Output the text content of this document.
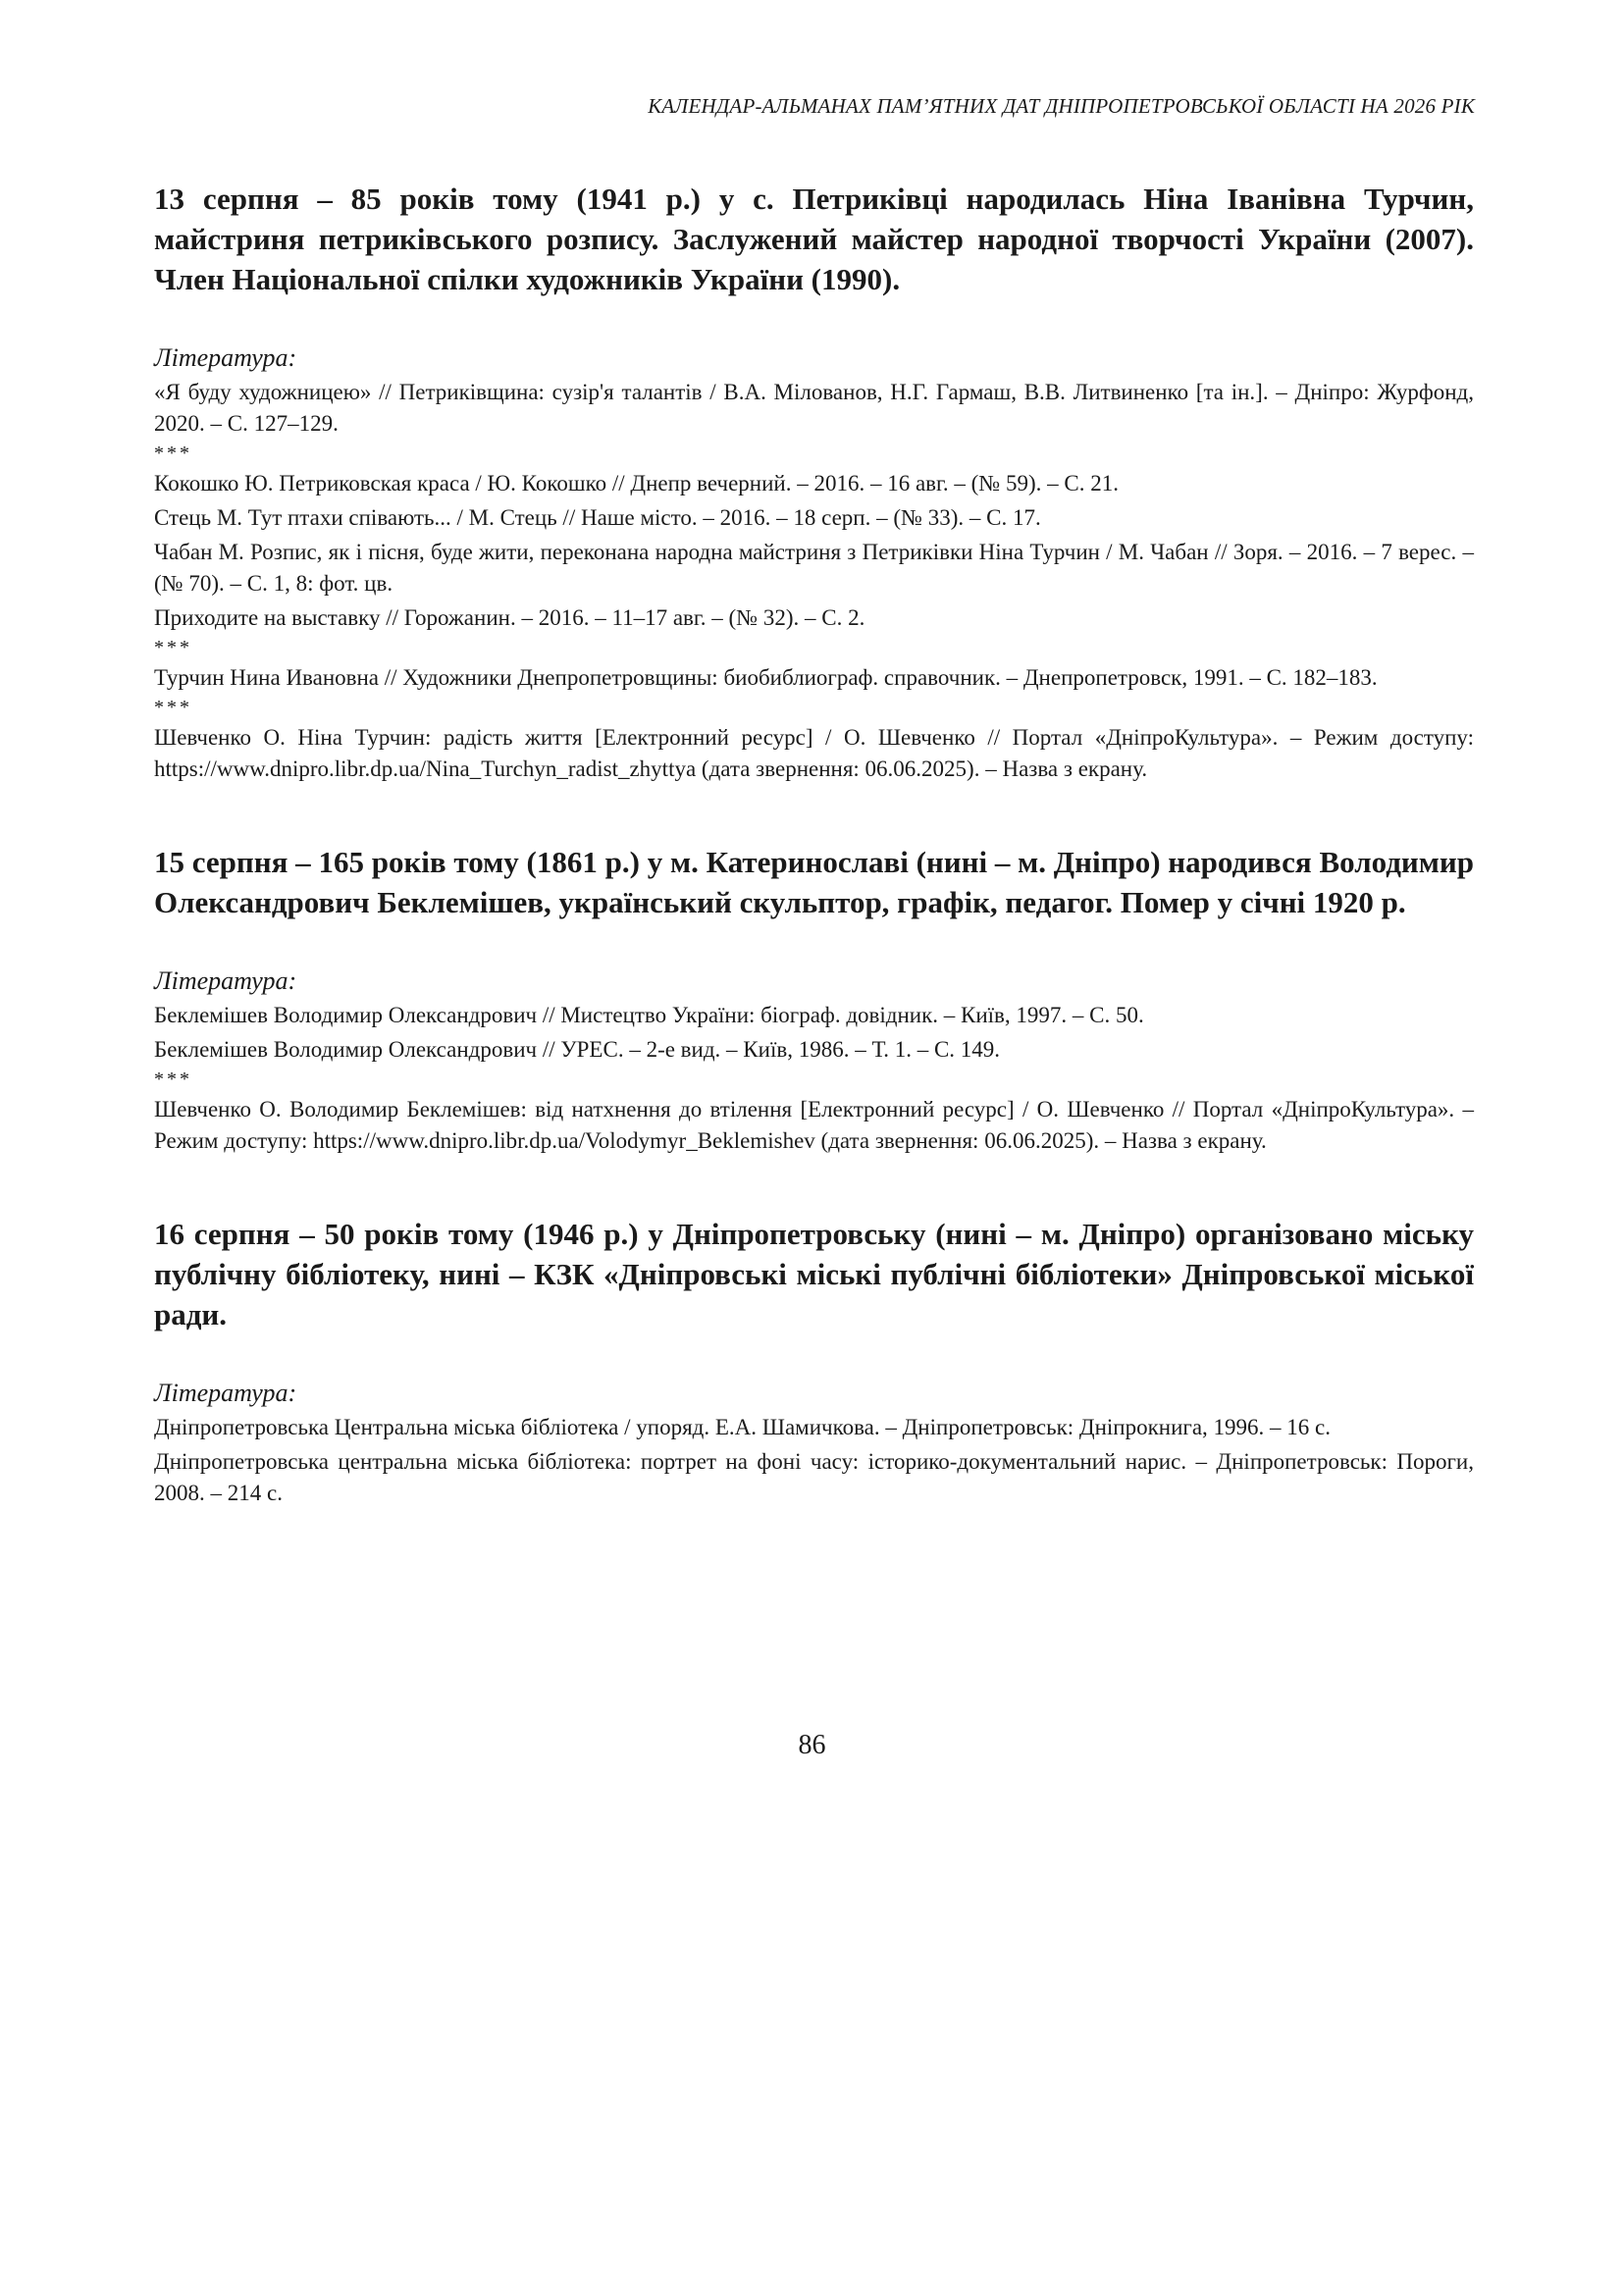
КАЛЕНДАР-АЛЬМАНАХ ПАМ’ЯТНИХ ДАТ ДНІПРОПЕТРОВСЬКОЇ ОБЛАСТІ НА 2026 РІК

13 серпня – 85 років тому (1941 р.) у с. Петриківці народилась Ніна Іванівна Турчин, майстриня петриківського розпису. Заслужений майстер народної творчості України (2007). Член Національної спілки художників України (1990).

Література:

«Я буду художницею» // Петриківщина: сузір'я талантів / В.А. Мілованов, Н.Г. Гармаш, В.В. Литвиненко [та ін.]. – Дніпро: Журфонд, 2020. – С. 127–129.

***

Кокошко Ю. Петриковская краса / Ю. Кокошко // Днепр вечерний. – 2016. – 16 авг. – (№ 59). – С. 21.

Стець М. Тут птахи співають... / М. Стець // Наше місто. – 2016. – 18 серп. – (№ 33). – С. 17.

Чабан М. Розпис, як і пісня, буде жити, переконана народна майстриня з Петриківки Ніна Турчин / М. Чабан // Зоря. – 2016. – 7 верес. – (№ 70). – С. 1, 8: фот. цв.

Приходите на выставку // Горожанин. – 2016. – 11–17 авг. – (№ 32). – С. 2.

***

Турчин Нина Ивановна // Художники Днепропетровщины: биобиблиограф. справочник. – Днепропетровск, 1991. – С. 182–183.

***

Шевченко О. Ніна Турчин: радість життя [Електронний ресурс] / О. Шевченко // Портал «ДніпроКультура». – Режим доступу: https://www.dnipro.libr.dp.ua/Nina_Turchyn_radist_zhyttya (дата звернення: 06.06.2025). – Назва з екрану.

15 серпня – 165 років тому (1861 р.) у м. Катеринославі (нині – м. Дніпро) народився Володимир Олександрович Беклемішев, український скульптор, графік, педагог. Помер у січні 1920 р.

Література:

Беклемішев Володимир Олександрович // Мистецтво України: біограф. довідник. – Київ, 1997. – С. 50.

Беклемішев Володимир Олександрович // УРЕС. – 2-е вид. – Київ, 1986. – Т. 1. – С. 149.

***

Шевченко О. Володимир Беклемішев: від натхнення до втілення [Електронний ресурс] / О. Шевченко // Портал «ДніпроКультура». – Режим доступу: https://www.dnipro.libr.dp.ua/Volodymyr_Beklemishev (дата звернення: 06.06.2025). – Назва з екрану.

16 серпня – 50 років тому (1946 р.) у Дніпропетровську (нині – м. Дніпро) організовано міську публічну бібліотеку, нині – КЗК «Дніпровські міські публічні бібліотеки» Дніпровської міської ради.

Література:

Дніпропетровська Центральна міська бібліотека / упоряд. Е.А. Шамичкова. – Дніпропетровськ: Дніпрокнига, 1996. – 16 с.

Дніпропетровська центральна міська бібліотека: портрет на фоні часу: історико-документальний нарис. – Дніпропетровськ: Пороги, 2008. – 214 с.

86
